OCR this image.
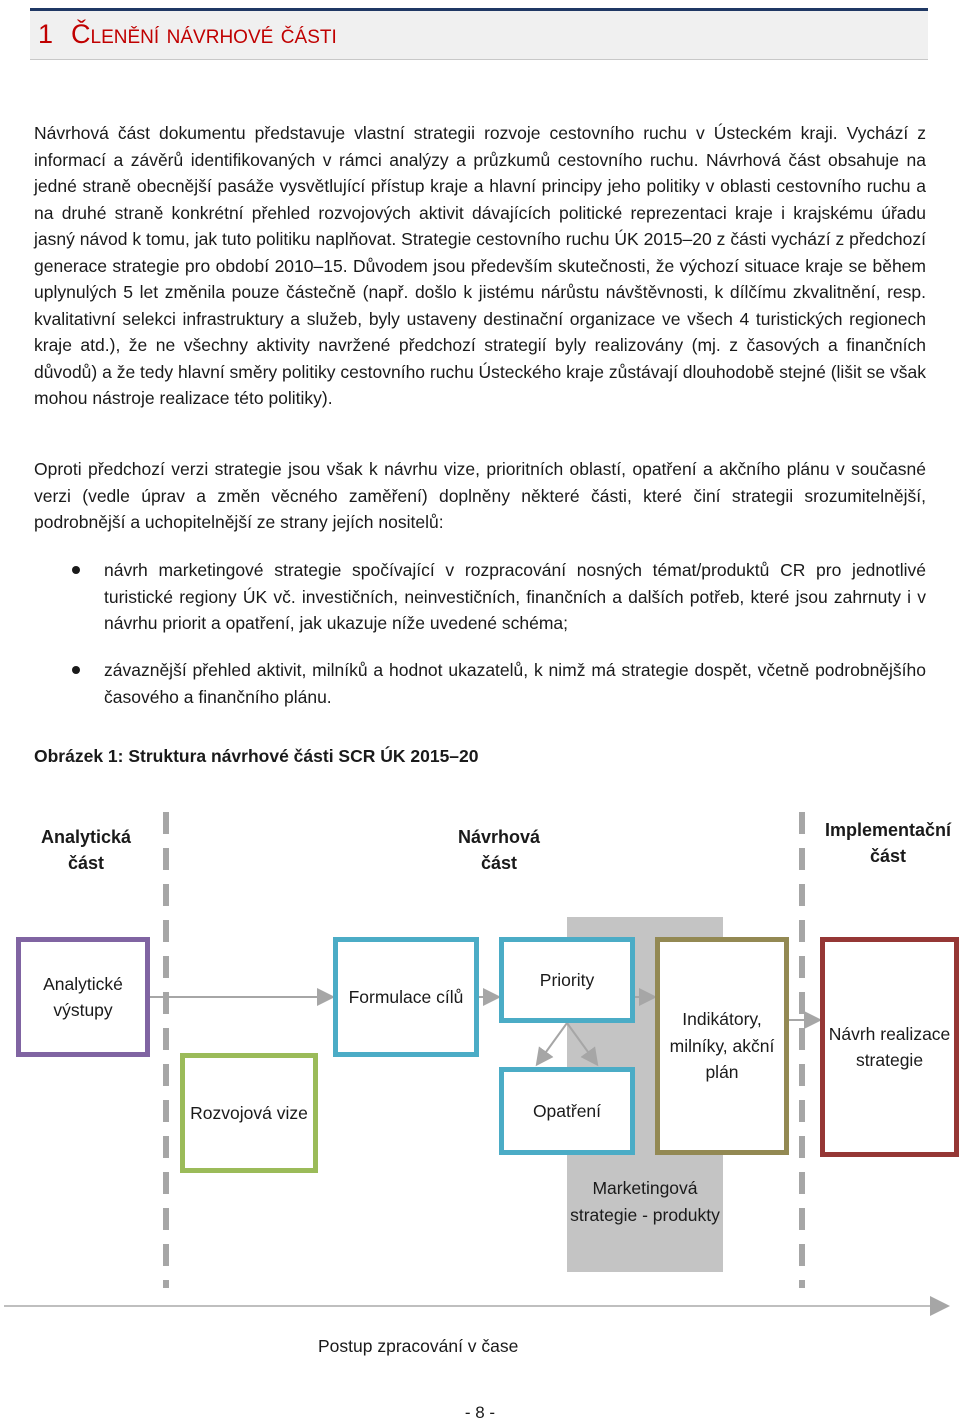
1 Členění návrhové části
Návrhová část dokumentu představuje vlastní strategii rozvoje cestovního ruchu v Ústeckém kraji. Vychází z informací a závěrů identifikovaných v rámci analýzy a průzkumů cestovního ruchu. Návrhová část obsahuje na jedné straně obecnější pasáže vysvětlující přístup kraje a hlavní principy jeho politiky v oblasti cestovního ruchu a na druhé straně konkrétní přehled rozvojových aktivit dávajících politické reprezentaci kraje i krajskému úřadu jasný návod k tomu, jak tuto politiku naplňovat. Strategie cestovního ruchu ÚK 2015–20 z části vychází z předchozí generace strategie pro období 2010–15. Důvodem jsou především skutečnosti, že výchozí situace kraje se během uplynulých 5 let změnila pouze částečně (např. došlo k jistému nárůstu návštěvnosti, k dílčímu zkvalitnění, resp. kvalitativní selekci infrastruktury a služeb, byly ustaveny destinační organizace ve všech 4 turistických regionech kraje atd.), že ne všechny aktivity navržené předchozí strategií byly realizovány (mj. z časových a finančních důvodů) a že tedy hlavní směry politiky cestovního ruchu Ústeckého kraje zůstávají dlouhodobě stejné (lišit se však mohou nástroje realizace této politiky).
Oproti předchozí verzi strategie jsou však k návrhu vize, prioritních oblastí, opatření a akčního plánu v současné verzi (vedle úprav a změn věcného zaměření) doplněny některé části, které činí strategii srozumitelnější, podrobnější a uchopitelnější ze strany jejích nositelů:
návrh marketingové strategie spočívající v rozpracování nosných témat/produktů CR pro jednotlivé turistické regiony ÚK vč. investičních, neinvestičních, finančních a dalších potřeb, které jsou zahrnuty i v návrhu priorit a opatření, jak ukazuje níže uvedené schéma;
závaznější přehled aktivit, milníků a hodnot ukazatelů, k nimž má strategie dospět, včetně podrobnějšího časového a finančního plánu.
Obrázek 1: Struktura návrhové části SCR ÚK 2015–20
Analytická část
Návrhová část
Implementační část
Analytické výstupy
Rozvojová vize
Formulace cílů
Priority
Opatření
Indikátory, milníky, akční plán
Návrh realizace strategie
Marketingová strategie - produkty
Postup zpracování v čase
- 8 -
